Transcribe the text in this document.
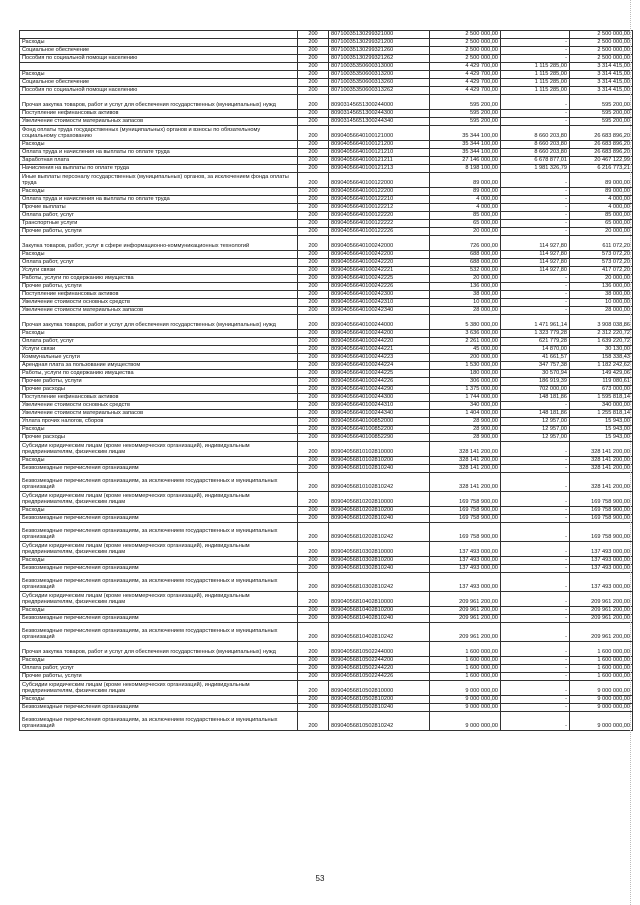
	200	80710035130299321000	2 500 000,00		2 500 000,00
Расходы	200	80710035130299321200	2 500 000,00	-	2 500 000,00
Социальное обеспечение	200	80710035130299321260	2 500 000,00	-	2 500 000,00
Пособия по социальной помощи населению	200	80710035130299321262	2 500 000,00	-	2 500 000,00
	200	80710035350600313000	4 429 700,00	1 115 285,00	3 314 415,00
Расходы	200	80710035350600313200	4 429 700,00	1 115 285,00	3 314 415,00
Социальное обеспечение	200	80710035350600313260	4 429 700,00	1 115 285,00	3 314 415,00
Пособия по социальной помощи населению	200	80710035350600313262	4 429 700,00	1 115 285,00	3 314 415,00
Прочая закупка товаров, работ и услуг для обеспечения государственных (муниципальных) нужд	200	80903145651300244000	595 200,00	-	595 200,00
Поступление нефинансовых активов	200	80903145651300244300	595 200,00	-	595 200,00
Увеличение стоимости материальных запасов	200	80903145651300244340	595 200,00	-	595 200,00
Фонд оплаты труда государственных (муниципальных) органов и взносы по обязательному социальному страхованию	200	80904056640100121000	35 344 100,00	8 660 203,80	26 683 896,20
Расходы	200	80904056640100121200	35 344 100,00	8 660 203,80	26 683 896,20
Оплата труда и начисления на выплаты по оплате труда	200	80904056640100121210	35 344 100,00	8 660 203,80	26 683 896,20
Заработная плата	200	80904056640100121211	27 146 000,00	6 678 877,01	20 467 122,99
Начисления на выплаты по оплате труда	200	80904056640100121213	8 198 100,00	1 981 326,79	6 216 773,21
Иные выплаты персоналу государственных (муниципальных) органов, за исключением фонда оплаты труда	200	80904056640100122000	89 000,00	-	89 000,00
Расходы	200	80904056640100122200	89 000,00	-	89 000,00
Оплата труда и начисления на выплаты по оплате труда	200	80904056640100122210	4 000,00	-	4 000,00
Прочие выплаты	200	80904056640100122212	4 000,00	-	4 000,00
Оплата работ, услуг	200	80904056640100122220	85 000,00	-	85 000,00
Транспортные услуги	200	80904056640100122222	65 000,00	-	65 000,00
Прочие работы, услуги	200	80904056640100122226	20 000,00	-	20 000,00
Закупка товаров, работ, услуг в сфере информационно-коммуникационных технологий	200	80904056640100242000	726 000,00	114 927,80	611 072,20
Расходы	200	80904056640100242200	688 000,00	114 927,80	573 072,20
Оплата работ, услуг	200	80904056640100242220	688 000,00	114 927,80	573 072,20
Услуги связи	200	80904056640100242221	532 000,00	114 927,80	417 072,20
Работы, услуги по содержанию имущества	200	80904056640100242225	20 000,00	-	20 000,00
Прочие работы, услуги	200	80904056640100242226	136 000,00	-	136 000,00
Поступление нефинансовых активов	200	80904056640100242300	38 000,00	-	38 000,00
Увеличение стоимости основных средств	200	80904056640100242310	10 000,00	-	10 000,00
Увеличение стоимости материальных запасов	200	80904056640100242340	28 000,00	-	28 000,00
Прочая закупка товаров, работ и услуг для обеспечения государственных (муниципальных) нужд	200	80904056640100244000	5 380 000,00	1 471 961,14	3 908 038,86
Расходы	200	80904056640100244200	3 636 000,00	1 323 779,28	2 312 220,72
Оплата работ, услуг	200	80904056640100244220	2 261 000,00	621 779,28	1 639 220,72
Услуги связи	200	80904056640100244221	45 000,00	14 870,00	30 130,00
Коммунальные услуги	200	80904056640100244223	200 000,00	41 661,57	158 338,43
Арендная плата за пользование имуществом	200	80904056640100244224	1 530 000,00	347 757,38	1 182 242,62
Работы, услуги по содержанию имущества	200	80904056640100244225	180 000,00	30 570,94	149 429,06
Прочие работы, услуги	200	80904056640100244226	306 000,00	186 919,39	119 080,61
Прочие расходы	200	80904056640100244290	1 375 000,00	702 000,00	673 000,00
Поступление нефинансовых активов	200	80904056640100244300	1 744 000,00	148 181,86	1 595 818,14
Увеличение стоимости основных средств	200	80904056640100244310	340 000,00	-	340 000,00
Увеличение стоимости материальных запасов	200	80904056640100244340	1 404 000,00	148 181,86	1 255 818,14
Уплата прочих налогов, сборов	200	80904056640100852000	28 900,00	12 957,00	15 943,00
Расходы	200	80904056640100852200	28 900,00	12 957,00	15 943,00
Прочие расходы	200	80904056640100852290	28 900,00	12 957,00	15 943,00
Субсидии юридическим лицам (кроме некоммерческих организаций), индивидуальным предпринимателям, физическим лицам	200	80904056810102810000	328 141 200,00	-	328 141 200,00
Расходы	200	80904056810102810200	328 141 200,00	-	328 141 200,00
Безвозмездные перечисления организациям	200	80904056810102810240	328 141 200,00	-	328 141 200,00
Безвозмездные перечисления организациям, за исключением государственных и муниципальных организаций	200	80904056810102810242	328 141 200,00	-	328 141 200,00
Субсидии юридическим лицам (кроме некоммерческих организаций), индивидуальным предпринимателям, физическим лицам	200	80904056810202810000	169 758 900,00	-	169 758 900,00
Расходы	200	80904056810202810200	169 758 900,00	-	169 758 900,00
Безвозмездные перечисления организациям	200	80904056810202810240	169 758 900,00	-	169 758 900,00
Безвозмездные перечисления организациям, за исключением государственных и муниципальных организаций	200	80904056810202810242	169 758 900,00	-	169 758 900,00
Субсидии юридическим лицам (кроме некоммерческих организаций), индивидуальным предпринимателям, физическим лицам	200	80904056810302810000	137 493 000,00	-	137 493 000,00
Расходы	200	80904056810302810200	137 493 000,00	-	137 493 000,00
Безвозмездные перечисления организациям	200	80904056810302810240	137 493 000,00	-	137 493 000,00
Безвозмездные перечисления организациям, за исключением государственных и муниципальных организаций	200	80904056810302810242	137 493 000,00	-	137 493 000,00
Субсидии юридическим лицам (кроме некоммерческих организаций), индивидуальным предпринимателям, физическим лицам	200	80904056810402810000	209 961 200,00	-	209 961 200,00
Расходы	200	80904056810402810200	209 961 200,00	-	209 961 200,00
Безвозмездные перечисления организациям	200	80904056810402810240	209 961 200,00	-	209 961 200,00
Безвозмездные перечисления организациям, за исключением государственных и муниципальных организаций	200	80904056810402810242	209 961 200,00	-	209 961 200,00
Прочая закупка товаров, работ и услуг для обеспечения государственных (муниципальных) нужд	200	80904056810502244000	1 600 000,00	-	1 600 000,00
Расходы	200	80904056810502244200	1 600 000,00	-	1 600 000,00
Оплата работ, услуг	200	80904056810502244220	1 600 000,00	-	1 600 000,00
Прочие работы, услуги	200	80904056810502244226	1 600 000,00	-	1 600 000,00
Субсидии юридическим лицам (кроме некоммерческих организаций), индивидуальным предпринимателям, физическим лицам	200	80904056810502810000	9 000 000,00	-	9 000 000,00
Расходы	200	80904056810502810200	9 000 000,00	-	9 000 000,00
Безвозмездные перечисления организациям	200	80904056810502810240	9 000 000,00	-	9 000 000,00
Безвозмездные перечисления организациям, за исключением государственных и муниципальных организаций	200	80904056810502810242	9 000 000,00	-	9 000 000,00
53
